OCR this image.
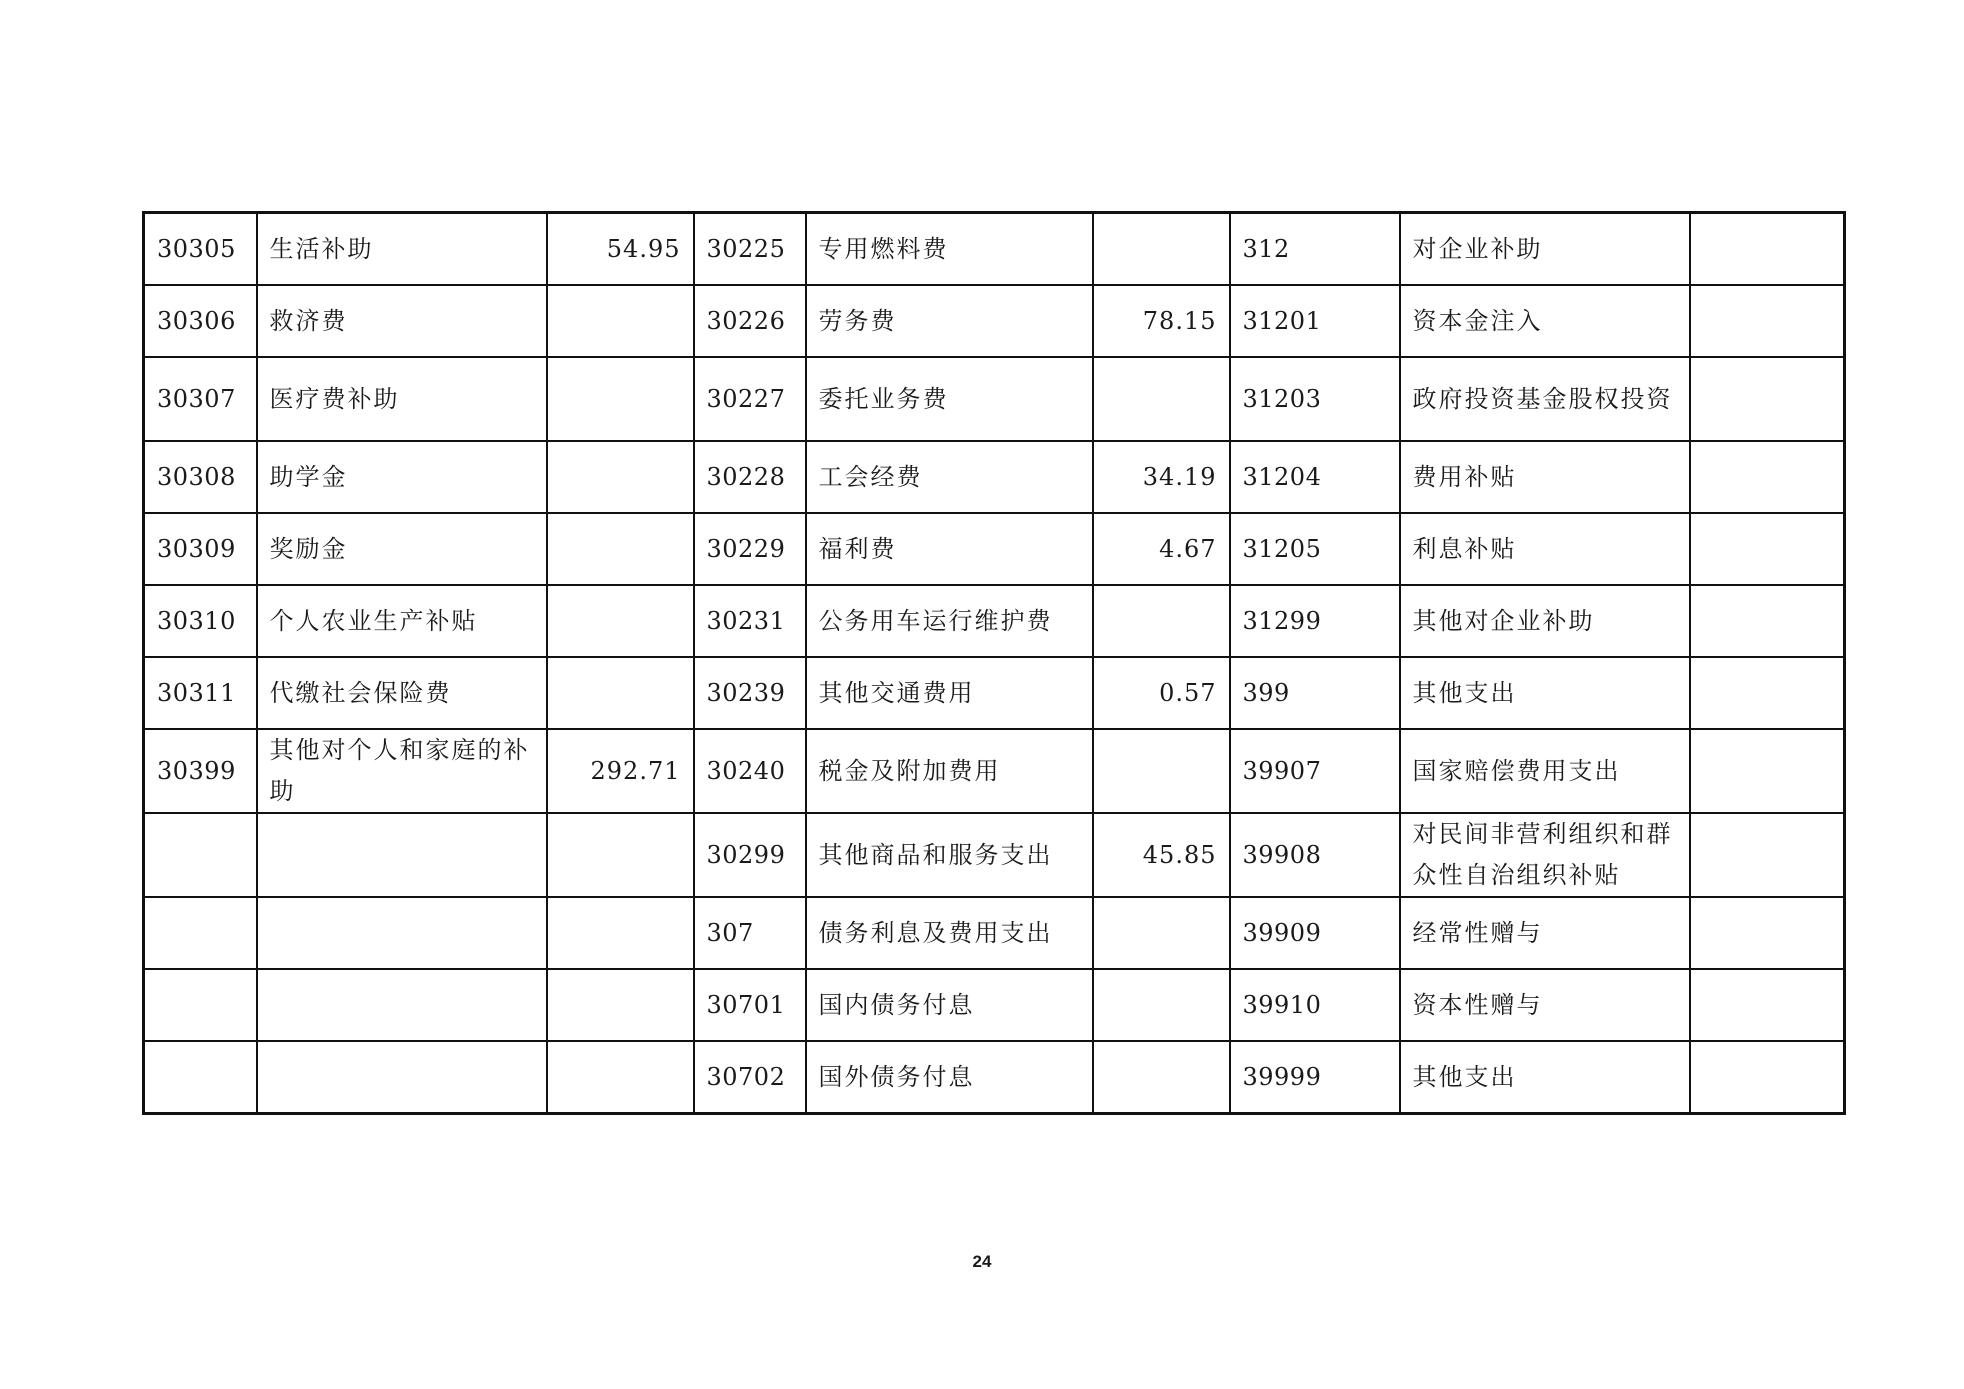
30305	生活补助	54.95	30225	专用燃料费		312	对企业补助	
30306	救济费		30226	劳务费	78.15	31201	资本金注入	
30307	医疗费补助		30227	委托业务费		31203	政府投资基金股权投资	
30308	助学金		30228	工会经费	34.19	31204	费用补贴	
30309	奖励金		30229	福利费	4.67	31205	利息补贴	
30310	个人农业生产补贴		30231	公务用车运行维护费		31299	其他对企业补助	
30311	代缴社会保险费		30239	其他交通费用	0.57	399	其他支出	
30399	其他对个人和家庭的补助	292.71	30240	税金及附加费用		39907	国家赔偿费用支出	
			30299	其他商品和服务支出	45.85	39908	对民间非营利组织和群众性自治组织补贴	
			307	债务利息及费用支出		39909	经常性赠与	
			30701	国内债务付息		39910	资本性赠与	
			30702	国外债务付息		39999	其他支出	
24
